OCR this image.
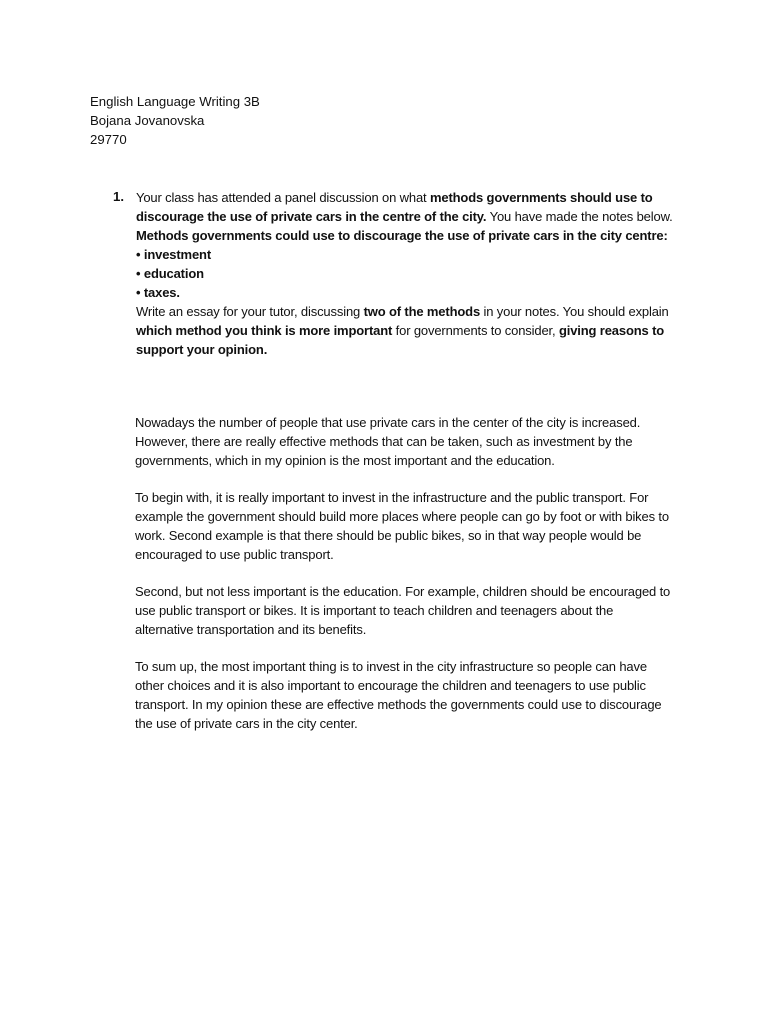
English Language Writing 3B
Bojana Jovanovska
29770
1. Your class has attended a panel discussion on what methods governments should use to
discourage the use of private cars in the centre of the city. You have made the notes below.
Methods governments could use to discourage the use of private cars in the city centre:
• investment
• education
• taxes.
Write an essay for your tutor, discussing two of the methods in your notes. You should explain
which method you think is more important for governments to consider, giving reasons to
support your opinion.
Nowadays the number of people that use private cars in the center of the city is increased.
However, there are really effective methods that can be taken, such as investment by the
governments, which in my opinion is the most important and the education.
To begin with, it is really important to invest in the infrastructure and the public transport. For
example the government should build more places where people can go by foot or with bikes to
work. Second example is that there should be public bikes, so in that way people would be
encouraged to use public transport.
Second, but not less important is the education. For example, children should be encouraged to
use public transport or bikes. It is important to teach children and teenagers about the
alternative transportation and its benefits.
To sum up, the most important thing is to invest in the city infrastructure so people can have
other choices and it is also important to encourage the children and teenagers to use public
transport. In my opinion these are effective methods the governments could use to discourage
the use of private cars in the city center.
